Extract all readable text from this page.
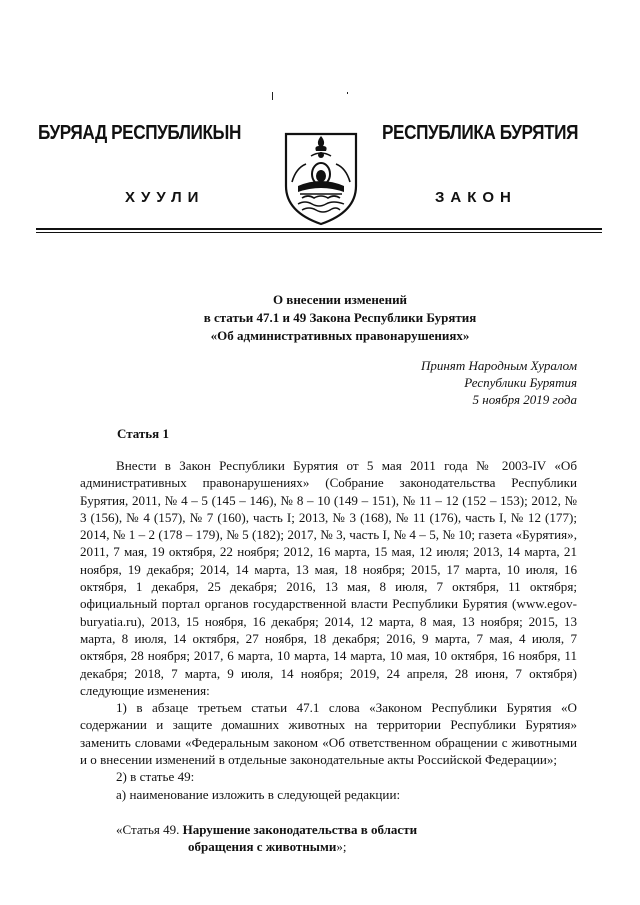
БУРЯАД РЕСПУБЛИКЫН	РЕСПУБЛИКА БУРЯТИЯ
ХУУЛИ	ЗАКОН
О внесении изменений
в статьи 47.1 и 49 Закона Республики Бурятия
«Об административных правонарушениях»
Принят Народным Хуралом
Республики Бурятия
5 ноября 2019 года
Статья 1

Внести в Закон Республики Бурятия от 5 мая 2011 года № 2003-IV «Об административных правонарушениях» (Собрание законодательства Республики Бурятия, 2011, № 4 – 5 (145 – 146), № 8 – 10 (149 – 151), № 11 – 12 (152 – 153); 2012, № 3 (156), № 4 (157), № 7 (160), часть I; 2013, № 3 (168), № 11 (176), часть I, № 12 (177); 2014, № 1 – 2 (178 – 179), № 5 (182); 2017, № 3, часть I, № 4 – 5, № 10; газета «Бурятия», 2011, 7 мая, 19 октября, 22 ноября; 2012, 16 марта, 15 мая, 12 июля; 2013, 14 марта, 21 ноября, 19 декабря; 2014, 14 марта, 13 мая, 18 ноября; 2015, 17 марта, 10 июля, 16 октября, 1 декабря, 25 декабря; 2016, 13 мая, 8 июля, 7 октября, 11 октября; официальный портал органов государственной власти Республики Бурятия (www.egov-buryatia.ru), 2013, 15 ноября, 16 декабря; 2014, 12 марта, 8 мая, 13 ноября; 2015, 13 марта, 8 июля, 14 октября, 27 ноября, 18 декабря; 2016, 9 марта, 7 мая, 4 июля, 7 октября, 28 ноября; 2017, 6 марта, 10 марта, 14 марта, 10 мая, 10 октября, 16 ноября, 11 декабря; 2018, 7 марта, 9 июля, 14 ноября; 2019, 24 апреля, 28 июня, 7 октября) следующие изменения:

1) в абзаце третьем статьи 47.1 слова «Законом Республики Бурятия «О содержании и защите домашних животных на территории Республики Бурятия» заменить словами «Федеральным законом «Об ответственном обращении с животными и о внесении изменений в отдельные законодательные акты Российской Федерации»;

2) в статье 49:

а) наименование изложить в следующей редакции:

«Статья 49. Нарушение законодательства в области
обращения с животными»;
